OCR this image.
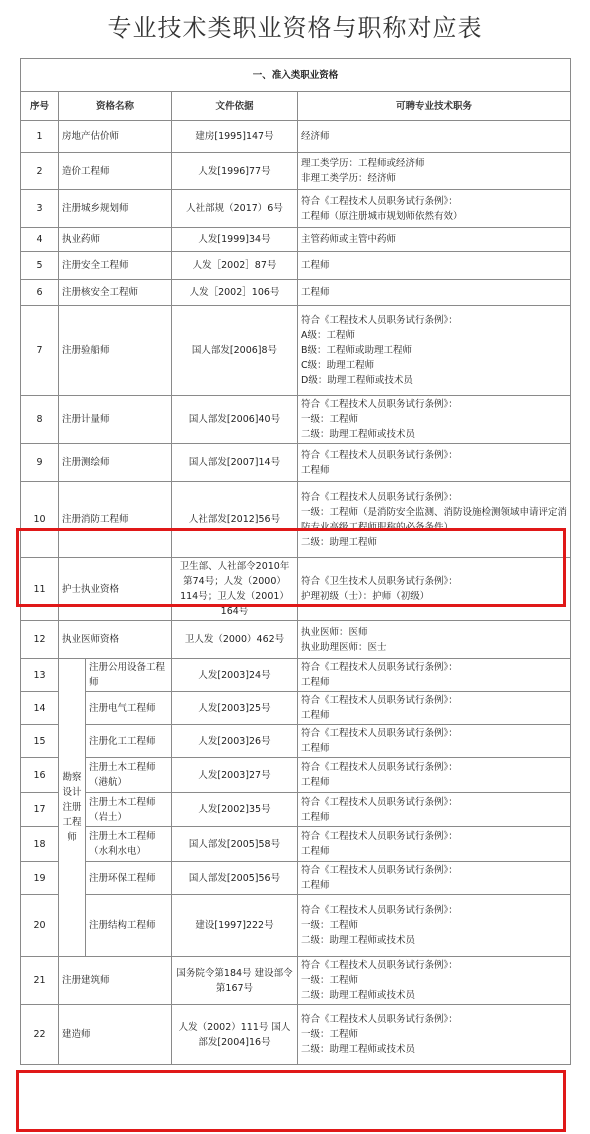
专业技术类职业资格与职称对应表
一、准入类职业资格				
序号	资格名称		文件依据	可聘专业技术职务
1	房地产估价师		建房[1995]147号	经济师
2	造价工程师		人发[1996]77号	理工类学历：工程师或经济师
非理工类学历：经济师
3	注册城乡规划师		人社部规（2017）6号	符合《工程技术人员职务试行条例》：
工程师（原注册城市规划师依然有效）
4	执业药师		人发[1999]34号	主管药师或主管中药师
5	注册安全工程师		人发［2002］87号	工程师
6	注册核安全工程师		人发［2002］106号	工程师
7	注册验船师		国人部发[2006]8号	符合《工程技术人员职务试行条例》：
A级：工程师
B级：工程师或助理工程师
C级：助理工程师
D级：助理工程师或技术员
8	注册计量师		国人部发[2006]40号	符合《工程技术人员职务试行条例》：
一级：工程师
二级：助理工程师或技术员
9	注册测绘师		国人部发[2007]14号	符合《工程技术人员职务试行条例》：
工程师
10	注册消防工程师		人社部发[2012]56号	符合《工程技术人员职务试行条例》：
一级：工程师（是消防安全监测、消防设施检测领域申请评定消防专业高级工程师职称的必备条件）
二级：助理工程师
11	护士执业资格		卫生部、人社部令2010年第74号；人发（2000）114号；卫人发（2001）164号	符合《卫生技术人员职务试行条例》：
护理初级（士）：护师（初级）
12	执业医师资格		卫人发（2000）462号	执业医师：医师
执业助理医师：医士
13	勘察设计注册工程师	注册公用设备工程师	人发[2003]24号	符合《工程技术人员职务试行条例》：
工程师
14		注册电气工程师	人发[2003]25号	符合《工程技术人员职务试行条例》：
工程师
15		注册化工工程师	人发[2003]26号	符合《工程技术人员职务试行条例》：
工程师
16		注册土木工程师（港航）	人发[2003]27号	符合《工程技术人员职务试行条例》：
工程师
17		注册土木工程师（岩土）	人发[2002]35号	符合《工程技术人员职务试行条例》：
工程师
18		注册土木工程师（水利水电）	国人部发[2005]58号	符合《工程技术人员职务试行条例》：
工程师
19		注册环保工程师	国人部发[2005]56号	符合《工程技术人员职务试行条例》：
工程师
20		注册结构工程师	建设[1997]222号	符合《工程技术人员职务试行条例》：
一级：工程师
二级：助理工程师或技术员
21	注册建筑师		国务院令第184号 建设部令第167号	符合《工程技术人员职务试行条例》：
一级：工程师
二级：助理工程师或技术员
22	建造师		人发（2002）111号 国人部发[2004]16号	符合《工程技术人员职务试行条例》：
一级：工程师
二级：助理工程师或技术员
